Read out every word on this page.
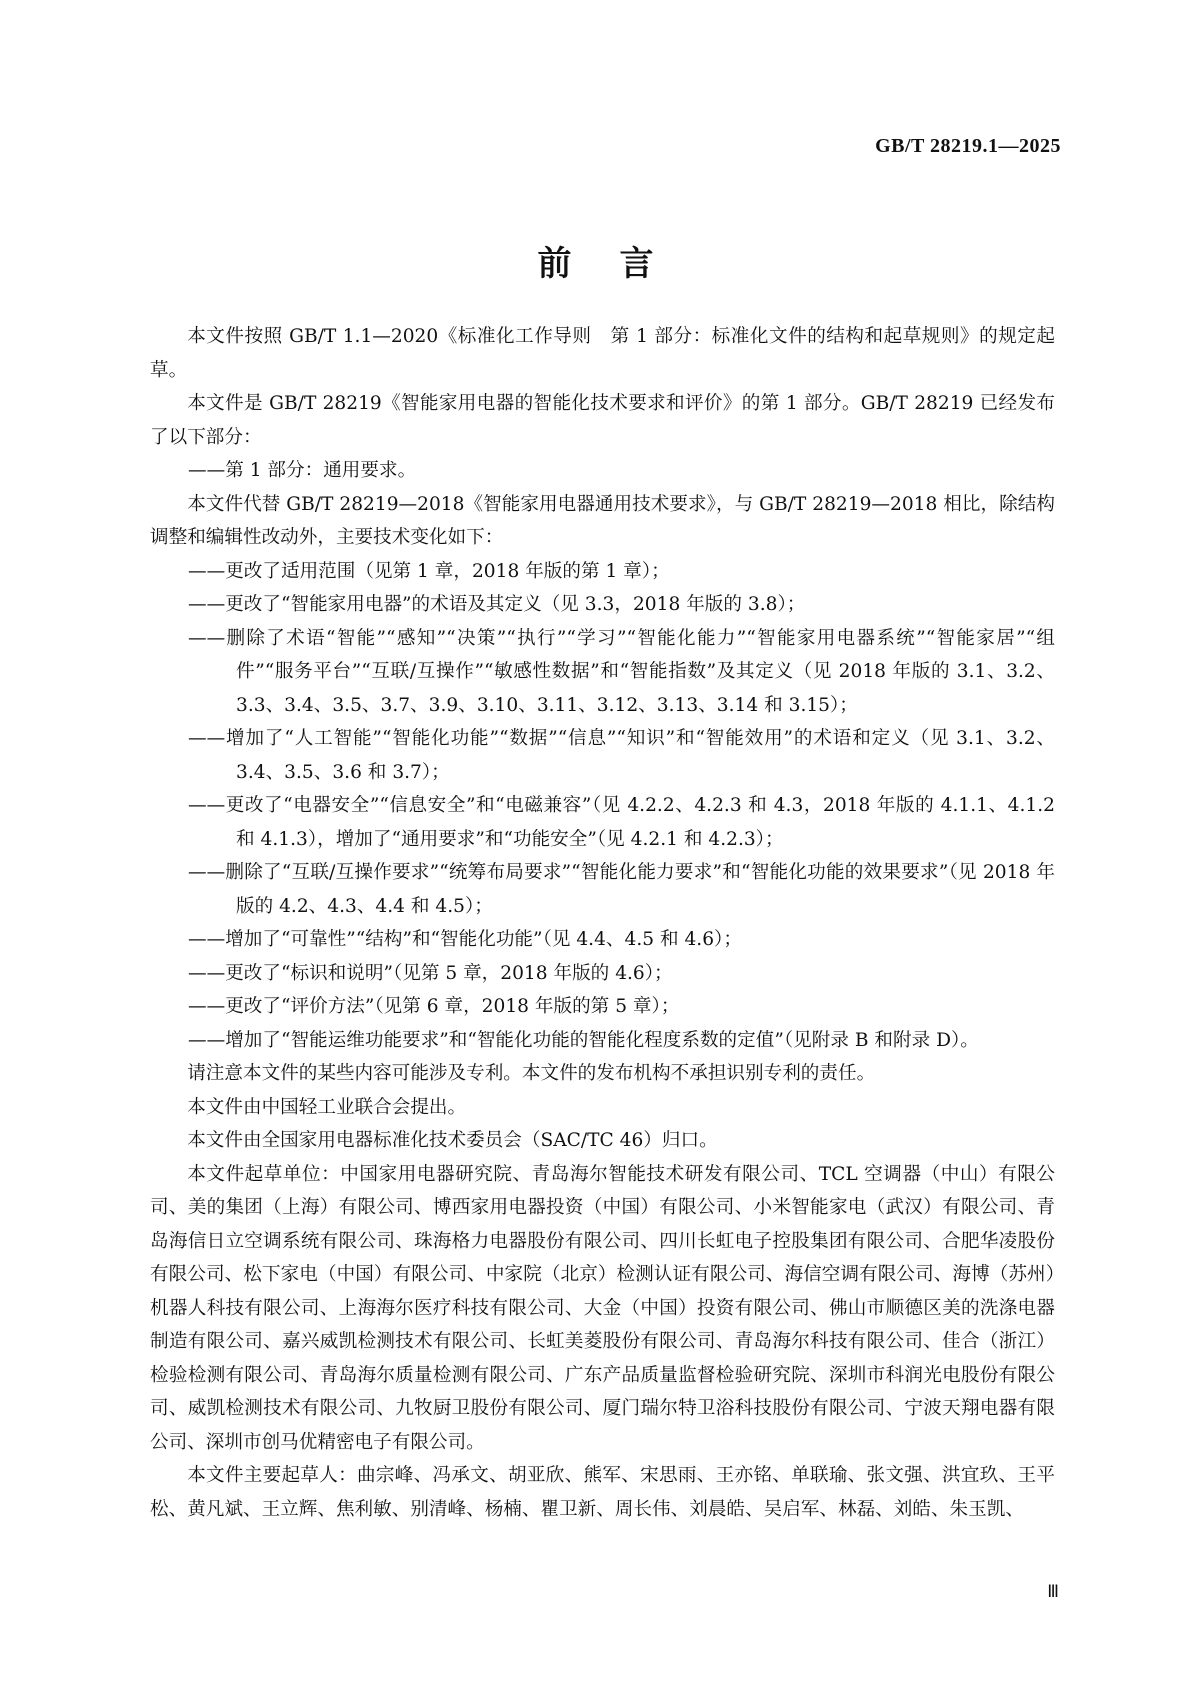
GB/T 28219.1—2025
前言

本文件按照 GB/T 1.1—2020《标准化工作导则　第 1 部分：标准化文件的结构和起草规则》的规定起草。

本文件是 GB/T 28219《智能家用电器的智能化技术要求和评价》的第 1 部分。GB/T 28219 已经发布了以下部分：

——第 1 部分：通用要求。

本文件代替 GB/T 28219—2018《智能家用电器通用技术要求》，与 GB/T 28219—2018 相比，除结构调整和编辑性改动外，主要技术变化如下：

——更改了适用范围（见第 1 章，2018 年版的第 1 章）；

——更改了“智能家用电器”的术语及其定义（见 3.3，2018 年版的 3.8）；

——删除了术语“智能”“感知”“决策”“执行”“学习”“智能化能力”“智能家用电器系统”“智能家居”“组件”“服务平台”“互联/互操作”“敏感性数据”和“智能指数”及其定义（见 2018 年版的 3.1、3.2、3.3、3.4、3.5、3.7、3.9、3.10、3.11、3.12、3.13、3.14 和 3.15）；

——增加了“人工智能”“智能化功能”“数据”“信息”“知识”和“智能效用”的术语和定义（见 3.1、3.2、3.4、3.5、3.6 和 3.7）；

——更改了“电器安全”“信息安全”和“电磁兼容”（见 4.2.2、4.2.3 和 4.3，2018 年版的 4.1.1、4.1.2 和 4.1.3），增加了“通用要求”和“功能安全”（见 4.2.1 和 4.2.3）；

——删除了“互联/互操作要求”“统筹布局要求”“智能化能力要求”和“智能化功能的效果要求”（见 2018 年版的 4.2、4.3、4.4 和 4.5）；

——增加了“可靠性”“结构”和“智能化功能”（见 4.4、4.5 和 4.6）；

——更改了“标识和说明”（见第 5 章，2018 年版的 4.6）；

——更改了“评价方法”（见第 6 章，2018 年版的第 5 章）；

——增加了“智能运维功能要求”和“智能化功能的智能化程度系数的定值”（见附录 B 和附录 D）。

请注意本文件的某些内容可能涉及专利。本文件的发布机构不承担识别专利的责任。

本文件由中国轻工业联合会提出。

本文件由全国家用电器标准化技术委员会（SAC/TC 46）归口。

本文件起草单位：中国家用电器研究院、青岛海尔智能技术研发有限公司、TCL 空调器（中山）有限公司、美的集团（上海）有限公司、博西家用电器投资（中国）有限公司、小米智能家电（武汉）有限公司、青岛海信日立空调系统有限公司、珠海格力电器股份有限公司、四川长虹电子控股集团有限公司、合肥华凌股份有限公司、松下家电（中国）有限公司、中家院（北京）检测认证有限公司、海信空调有限公司、海博（苏州）机器人科技有限公司、上海海尔医疗科技有限公司、大金（中国）投资有限公司、佛山市顺德区美的洗涤电器制造有限公司、嘉兴威凯检测技术有限公司、长虹美菱股份有限公司、青岛海尔科技有限公司、佳合（浙江）检验检测有限公司、青岛海尔质量检测有限公司、广东产品质量监督检验研究院、深圳市科润光电股份有限公司、威凯检测技术有限公司、九牧厨卫股份有限公司、厦门瑞尔特卫浴科技股份有限公司、宁波天翔电器有限公司、深圳市创马优精密电子有限公司。

本文件主要起草人：曲宗峰、冯承文、胡亚欣、熊军、宋思雨、王亦铭、单联瑜、张文强、洪宜玖、王平松、黄凡斌、王立辉、焦利敏、别清峰、杨楠、瞿卫新、周长伟、刘晨皓、吴启军、林磊、刘皓、朱玉凯、

Ⅲ
